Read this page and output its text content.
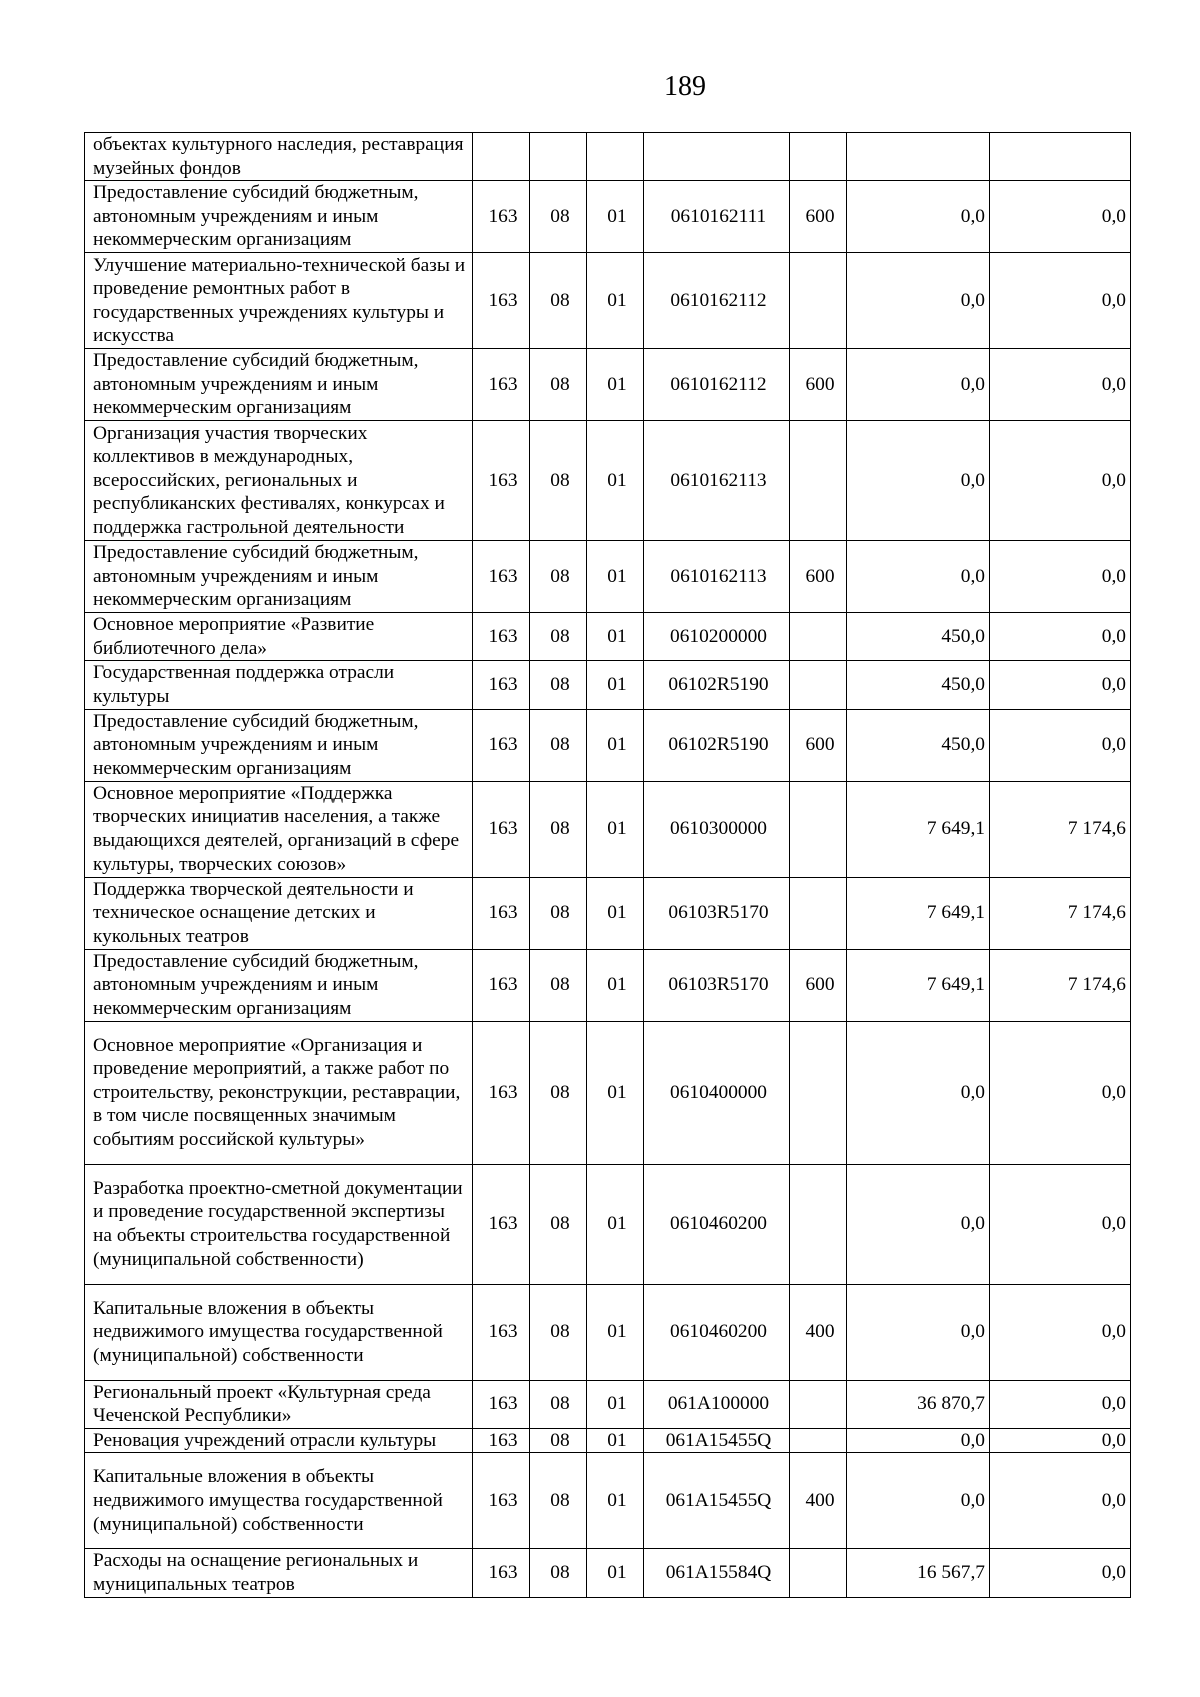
189
объектах культурного наследия, реставрация музейных фондов							
Предоставление субсидий бюджетным, автономным учреждениям и иным некоммерческим организациям	163	08	01	0610162111	600	0,0	0,0
Улучшение материально-технической базы и проведение ремонтных работ в государственных учреждениях культуры и искусства	163	08	01	0610162112		0,0	0,0
Предоставление субсидий бюджетным, автономным учреждениям и иным некоммерческим организациям	163	08	01	0610162112	600	0,0	0,0
Организация участия творческих коллективов в международных, всероссийских, региональных и республиканских фестивалях, конкурсах и поддержка гастрольной деятельности	163	08	01	0610162113		0,0	0,0
Предоставление субсидий бюджетным, автономным учреждениям и иным некоммерческим организациям	163	08	01	0610162113	600	0,0	0,0
Основное мероприятие «Развитие библиотечного дела»	163	08	01	0610200000		450,0	0,0
Государственная поддержка отрасли культуры	163	08	01	06102R5190		450,0	0,0
Предоставление субсидий бюджетным, автономным учреждениям и иным некоммерческим организациям	163	08	01	06102R5190	600	450,0	0,0
Основное мероприятие «Поддержка творческих инициатив населения, а также выдающихся деятелей, организаций в сфере культуры, творческих союзов»	163	08	01	0610300000		7 649,1	7 174,6
Поддержка творческой деятельности и техническое оснащение детских и кукольных театров	163	08	01	06103R5170		7 649,1	7 174,6
Предоставление субсидий бюджетным, автономным учреждениям и иным некоммерческим организациям	163	08	01	06103R5170	600	7 649,1	7 174,6
Основное мероприятие «Организация и проведение мероприятий, а также работ по строительству, реконструкции, реставрации, в том числе посвященных значимым событиям российской культуры»	163	08	01	0610400000		0,0	0,0
Разработка проектно-сметной документации и проведение государственной экспертизы на объекты строительства государственной (муниципальной собственности)	163	08	01	0610460200		0,0	0,0
Капитальные вложения в объекты недвижимого имущества государственной (муниципальной) собственности	163	08	01	0610460200	400	0,0	0,0
Региональный проект «Культурная среда Чеченской Республики»	163	08	01	061A100000		36 870,7	0,0
Реновация учреждений отрасли культуры	163	08	01	061A15455Q		0,0	0,0
Капитальные вложения в объекты недвижимого имущества государственной (муниципальной) собственности	163	08	01	061A15455Q	400	0,0	0,0
Расходы на оснащение региональных и муниципальных театров	163	08	01	061A15584Q		16 567,7	0,0
